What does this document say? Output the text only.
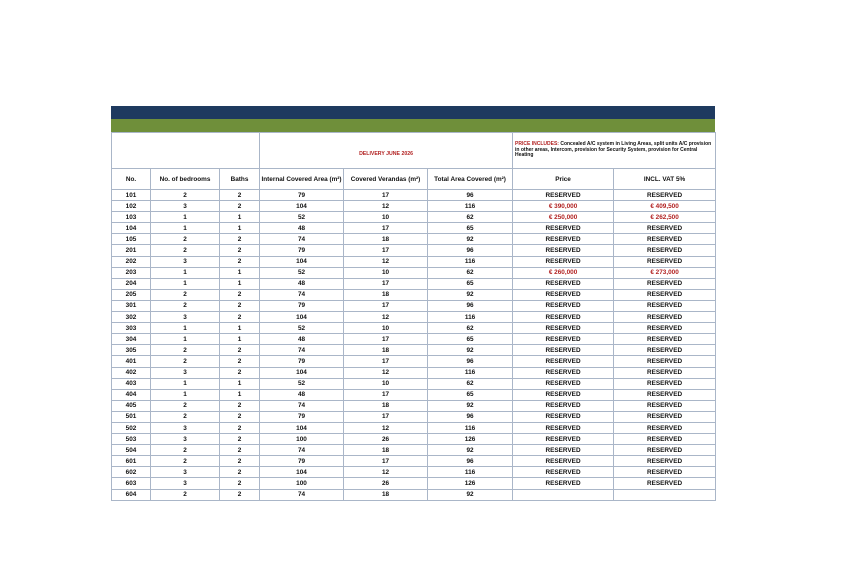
			DELIVERY JUNE 2026			PRICE INCLUDES: Concealed A/C system in Living Areas, split units A/C provision in other areas, Intercom, provision for Security System, provision for Central Heating	
No.	No. of bedrooms	Baths	Internal Covered Area (m²)	Covered Verandas (m²)	Total Area Covered (m²)	Price	INCL. VAT 5%
101	2	2	79	17	96	RESERVED	RESERVED
102	3	2	104	12	116	€ 390,000	€ 409,500
103	1	1	52	10	62	€ 250,000	€ 262,500
104	1	1	48	17	65	RESERVED	RESERVED
105	2	2	74	18	92	RESERVED	RESERVED
201	2	2	79	17	96	RESERVED	RESERVED
202	3	2	104	12	116	RESERVED	RESERVED
203	1	1	52	10	62	€ 260,000	€ 273,000
204	1	1	48	17	65	RESERVED	RESERVED
205	2	2	74	18	92	RESERVED	RESERVED
301	2	2	79	17	96	RESERVED	RESERVED
302	3	2	104	12	116	RESERVED	RESERVED
303	1	1	52	10	62	RESERVED	RESERVED
304	1	1	48	17	65	RESERVED	RESERVED
305	2	2	74	18	92	RESERVED	RESERVED
401	2	2	79	17	96	RESERVED	RESERVED
402	3	2	104	12	116	RESERVED	RESERVED
403	1	1	52	10	62	RESERVED	RESERVED
404	1	1	48	17	65	RESERVED	RESERVED
405	2	2	74	18	92	RESERVED	RESERVED
501	2	2	79	17	96	RESERVED	RESERVED
502	3	2	104	12	116	RESERVED	RESERVED
503	3	2	100	26	126	RESERVED	RESERVED
504	2	2	74	18	92	RESERVED	RESERVED
601	2	2	79	17	96	RESERVED	RESERVED
602	3	2	104	12	116	RESERVED	RESERVED
603	3	2	100	26	126	RESERVED	RESERVED
604	2	2	74	18	92		
